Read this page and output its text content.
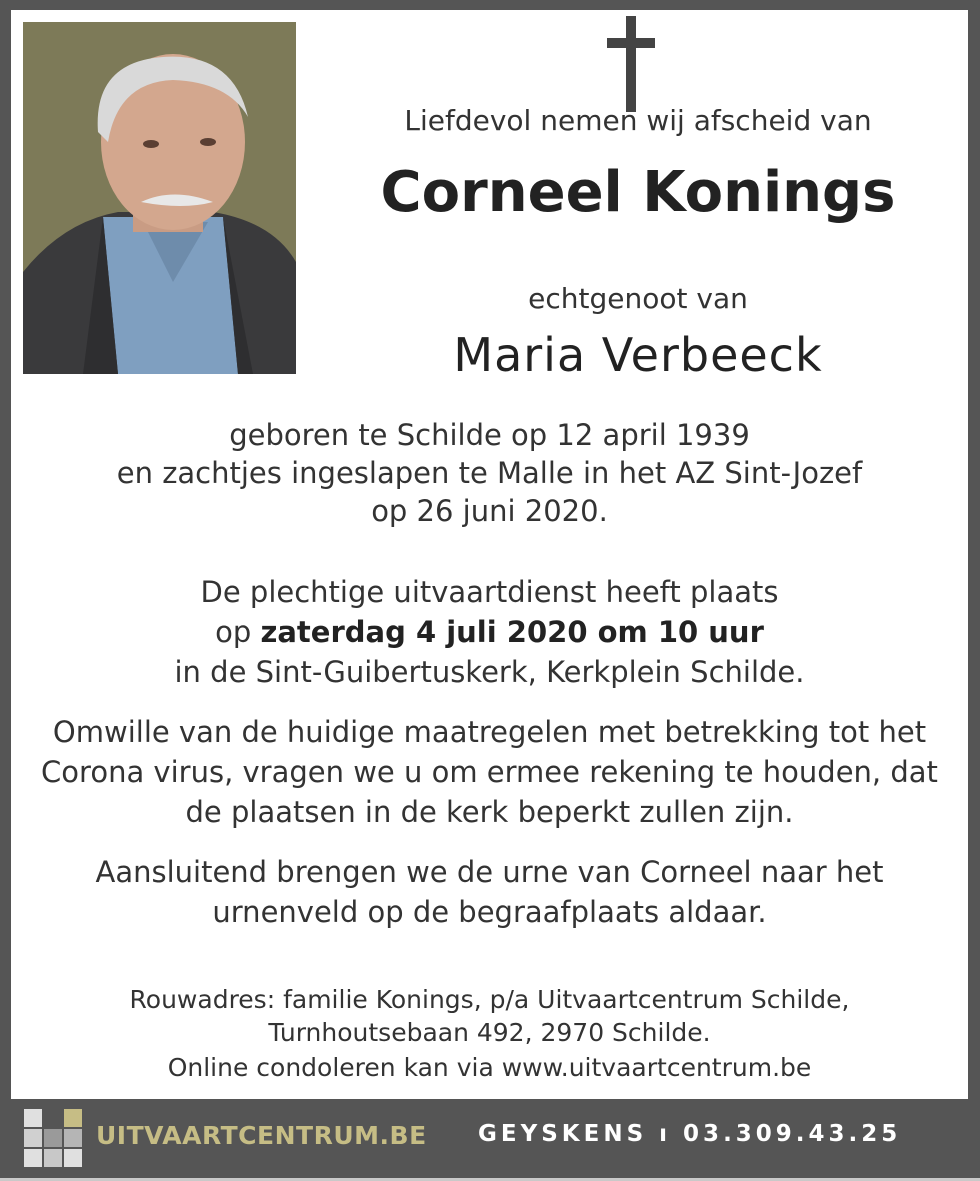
Liefdevol nemen wij afscheid van
Corneel Konings
echtgenoot van
Maria Verbeeck
geboren te Schilde op 12 april 1939
en zachtjes ingeslapen te Malle in het AZ Sint-Jozef
op 26 juni 2020.
De plechtige uitvaartdienst heeft plaats
op zaterdag 4 juli 2020 om 10 uur
in de Sint-Guibertuskerk, Kerkplein Schilde.
Omwille van de huidige maatregelen met betrekking tot het
Corona virus, vragen we u om ermee rekening te houden, dat
de plaatsen in de kerk beperkt zullen zijn.
Aansluitend brengen we de urne van Corneel naar het
urnenveld op de begraafplaats aldaar.
Rouwadres: familie Konings, p/a Uitvaartcentrum Schilde,
Turnhoutsebaan 492, 2970 Schilde.
Online condoleren kan via www.uitvaartcentrum.be
UITVAARTCENTRUM.BE GEYSKENS ı 03.309.43.25
